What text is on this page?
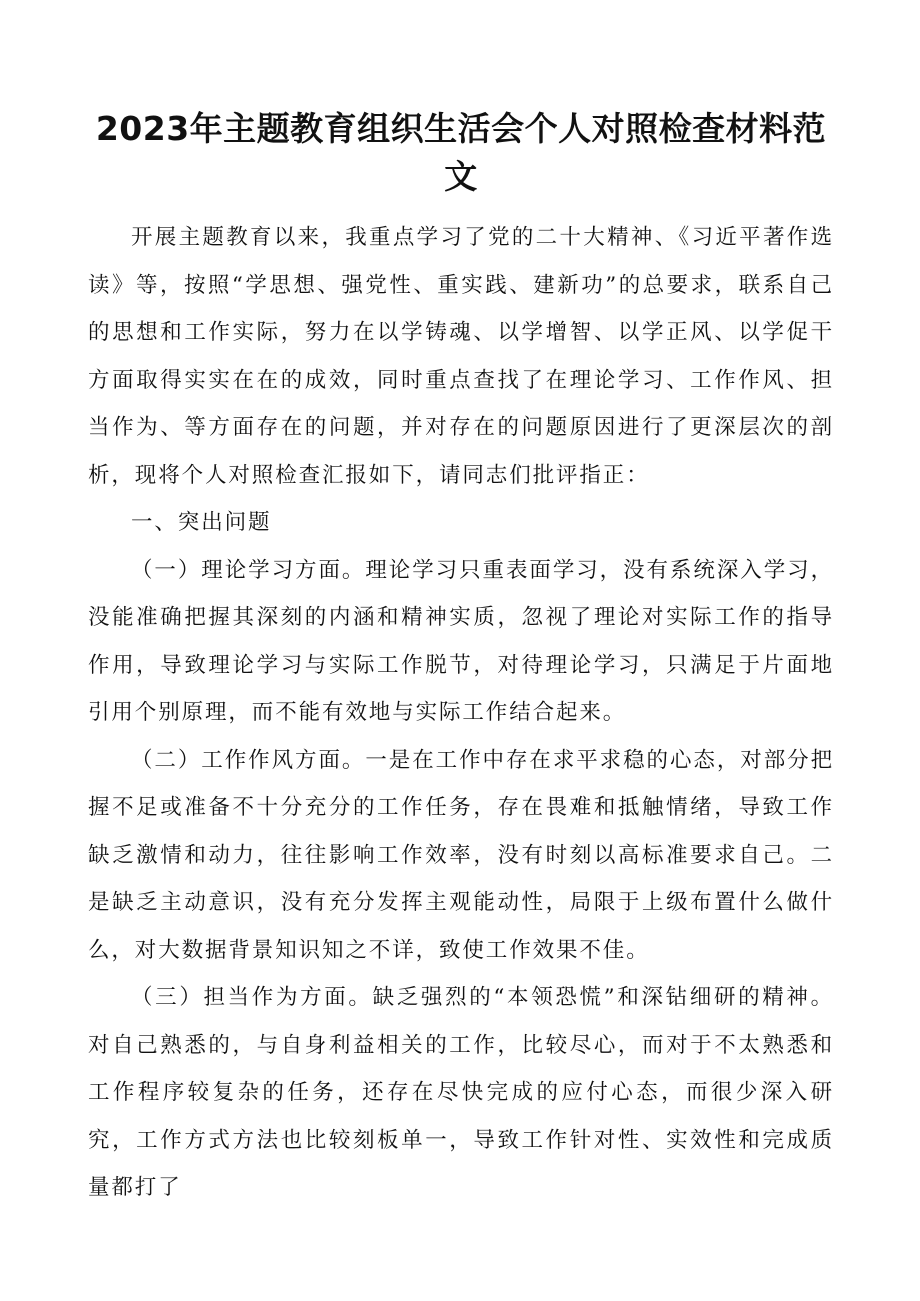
2023年主题教育组织生活会个人对照检查材料范文

开展主题教育以来，我重点学习了党的二十大精神、《习近平著作选读》等，按照“学思想、强党性、重实践、建新功”的总要求，联系自己的思想和工作实际，努力在以学铸魂、以学增智、以学正风、以学促干方面取得实实在在的成效，同时重点查找了在理论学习、工作作风、担当作为、等方面存在的问题，并对存在的问题原因进行了更深层次的剖析，现将个人对照检查汇报如下，请同志们批评指正：

一、突出问题

（一）理论学习方面。理论学习只重表面学习，没有系统深入学习，没能准确把握其深刻的内涵和精神实质，忽视了理论对实际工作的指导作用，导致理论学习与实际工作脱节，对待理论学习，只满足于片面地引用个别原理，而不能有效地与实际工作结合起来。

（二）工作作风方面。一是在工作中存在求平求稳的心态，对部分把握不足或准备不十分充分的工作任务，存在畏难和抵触情绪，导致工作缺乏激情和动力，往往影响工作效率，没有时刻以高标准要求自己。二是缺乏主动意识，没有充分发挥主观能动性，局限于上级布置什么做什么，对大数据背景知识知之不详，致使工作效果不佳。

（三）担当作为方面。缺乏强烈的“本领恐慌”和深钻细研的精神。对自己熟悉的，与自身利益相关的工作，比较尽心，而对于不太熟悉和工作程序较复杂的任务，还存在尽快完成的应付心态，而很少深入研究，工作方式方法也比较刻板单一，导致工作针对性、实效性和完成质量都打了
